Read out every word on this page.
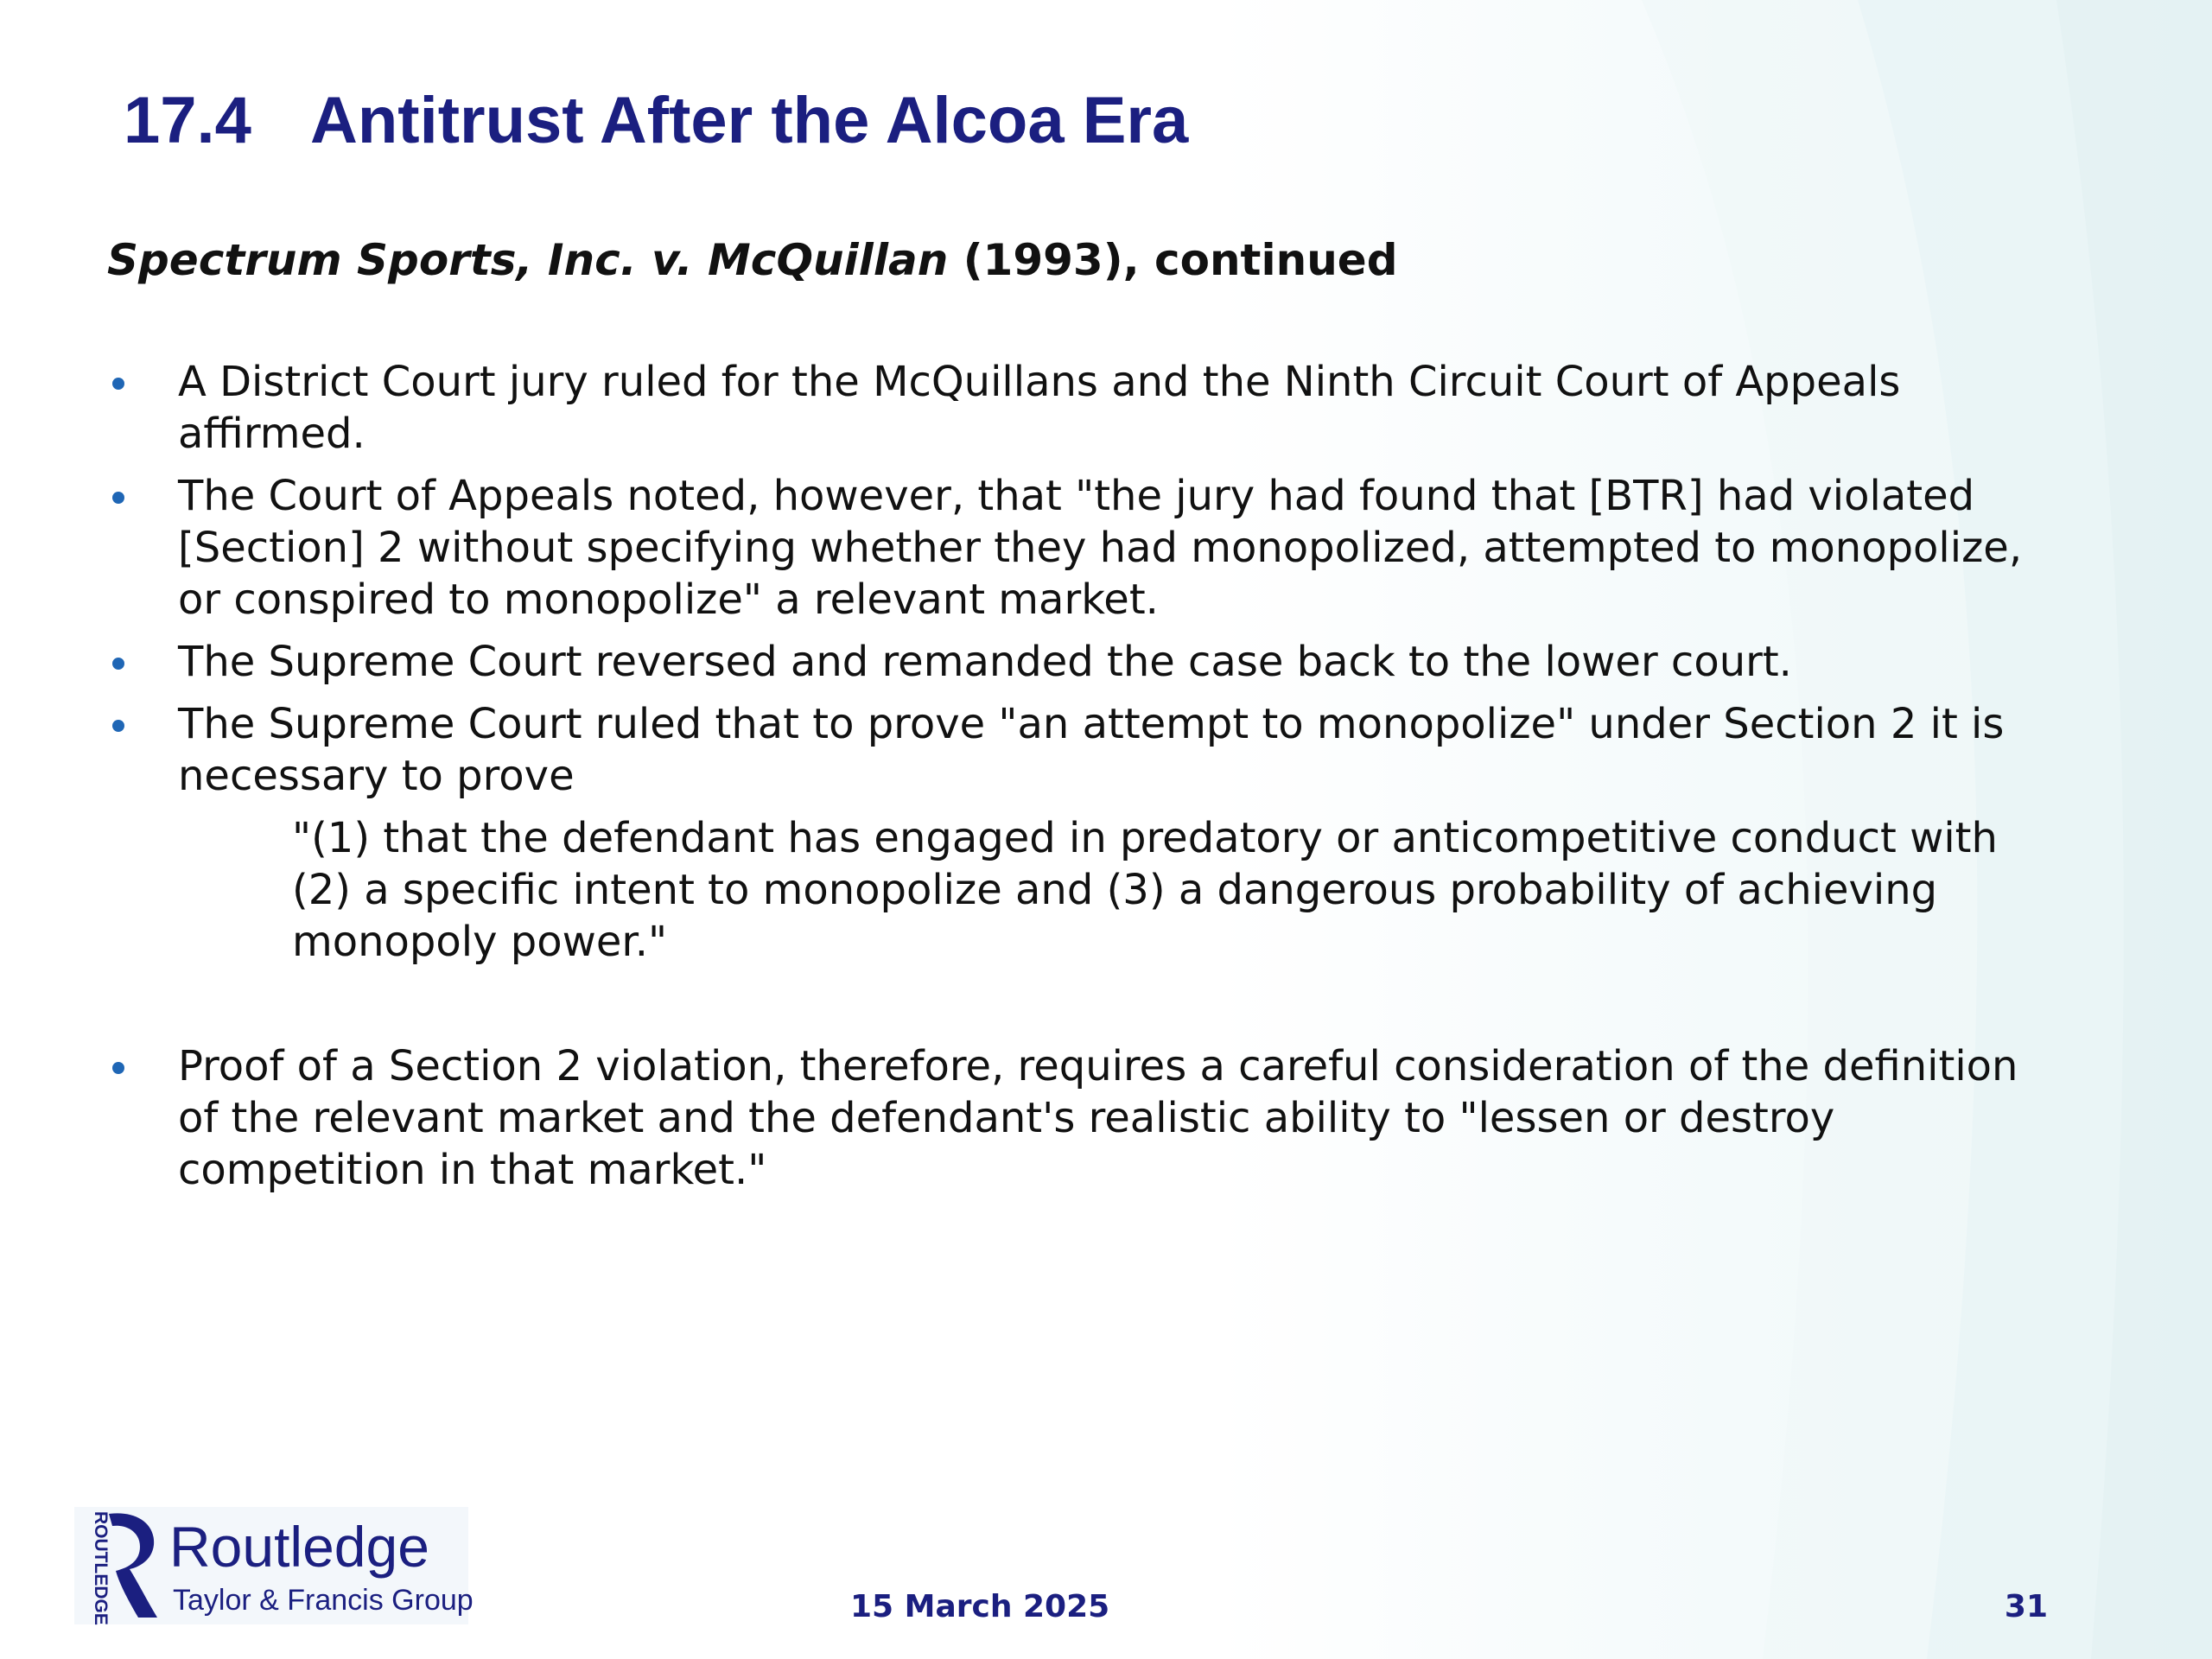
17.4 Antitrust After the Alcoa Era
Spectrum Sports, Inc. v. McQuillan (1993), continued
A District Court jury ruled for the McQuillans and the Ninth Circuit Court of Appeals affirmed.
The Court of Appeals noted, however, that "the jury had found that [BTR] had violated [Section] 2 without specifying whether they had monopolized, attempted to monopolize, or conspired to monopolize" a relevant market.
The Supreme Court reversed and remanded the case back to the lower court.
The Supreme Court ruled that to prove "an attempt to monopolize" under Section 2 it is necessary to prove
"(1) that the defendant has engaged in predatory or anticompetitive conduct with (2) a specific intent to monopolize and (3) a dangerous probability of achieving monopoly power."
Proof of a Section 2 violation, therefore, requires a careful consideration of the definition of the relevant market and the defendant's realistic ability to "lessen or destroy competition in that market."
ROUTLEDGE Routledge
Taylor & Francis Group	15 March 2025	31
